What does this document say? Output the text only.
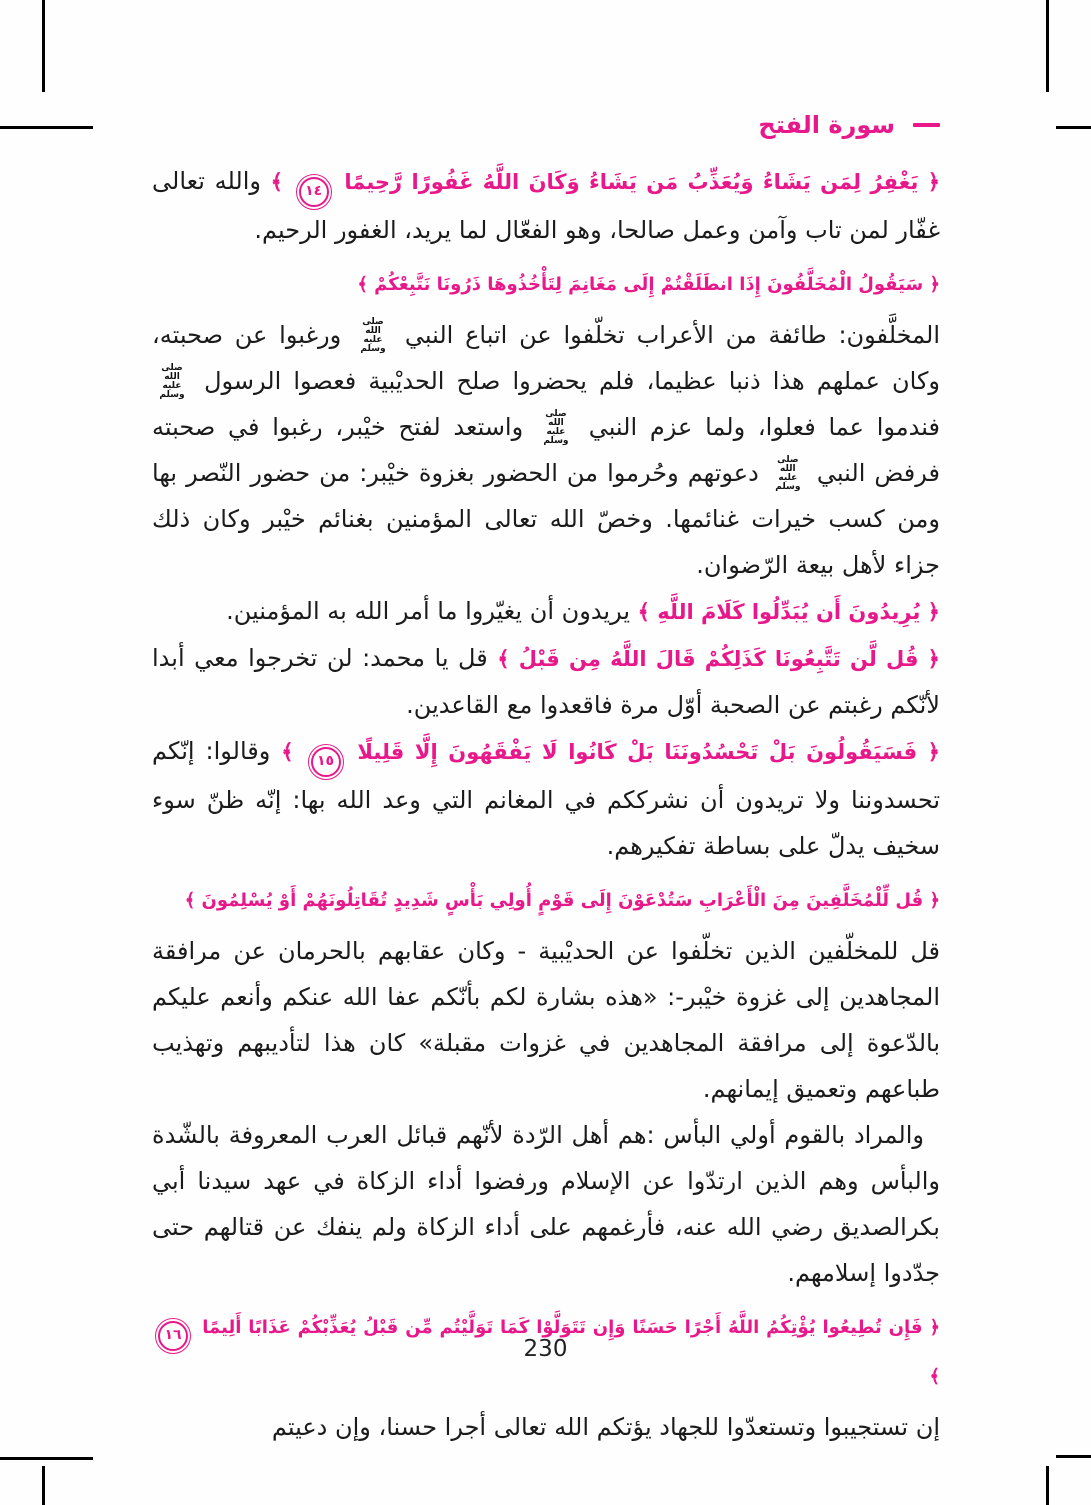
سورة الفتح

﴿ يَغْفِرُ لِمَن يَشَاءُ وَيُعَذِّبُ مَن يَشَاءُ وَكَانَ اللَّهُ غَفُورًا رَّحِيمًا ١٤ ﴾ والله تعالى غفّار لمن تاب وآمن وعمل صالحا، وهو الفعّال لما يريد، الغفور الرحيم.

﴿ سَيَقُولُ الْمُخَلَّفُونَ إِذَا انطَلَقْتُمْ إِلَى مَغَانِمَ لِتَأْخُذُوهَا ذَرُونَا نَتَّبِعْكُمْ ﴾

المخلَّفون: طائفة من الأعراب تخلّفوا عن اتباع النبي صلى الله عليه وسلم ورغبوا عن صحبته، وكان عملهم هذا ذنبا عظيما، فلم يحضروا صلح الحديْبية فعصوا الرسول صلى الله عليه وسلم فندموا عما فعلوا، ولما عزم النبي صلى الله عليه وسلم واستعد لفتح خيْبر، رغبوا في صحبته فرفض النبي صلى الله عليه وسلم دعوتهم وحُرموا من الحضور بغزوة خيْبر: من حضور النّصر بها ومن كسب خيرات غنائمها. وخصّ الله تعالى المؤمنين بغنائم خيْبر وكان ذلك جزاء لأهل بيعة الرّضوان.

﴿ يُرِيدُونَ أَن يُبَدِّلُوا كَلَامَ اللَّهِ ﴾ يريدون أن يغيّروا ما أمر الله به المؤمنين.

﴿ قُل لَّن تَتَّبِعُونَا كَذَلِكُمْ قَالَ اللَّهُ مِن قَبْلُ ﴾ قل يا محمد: لن تخرجوا معي أبدا لأنّكم رغبتم عن الصحبة أوّل مرة فاقعدوا مع القاعدين.

﴿ فَسَيَقُولُونَ بَلْ تَحْسُدُونَنَا بَلْ كَانُوا لَا يَفْقَهُونَ إِلَّا قَلِيلًا ١٥ ﴾ وقالوا: إنّكم تحسدوننا ولا تريدون أن نشرككم في المغانم التي وعد الله بها: إنّه ظنّ سوء سخيف يدلّ على بساطة تفكيرهم.

﴿ قُل لِّلْمُخَلَّفِينَ مِنَ الْأَعْرَابِ سَتُدْعَوْنَ إِلَى قَوْمٍ أُولِي بَأْسٍ شَدِيدٍ تُقَاتِلُونَهُمْ أَوْ يُسْلِمُونَ ﴾

قل للمخلّفين الذين تخلّفوا عن الحديْبية - وكان عقابهم بالحرمان عن مرافقة المجاهدين إلى غزوة خيْبر-: «هذه بشارة لكم بأنّكم عفا الله عنكم وأنعم عليكم بالدّعوة إلى مرافقة المجاهدين في غزوات مقبلة» كان هذا لتأديبهم وتهذيب طباعهم وتعميق إيمانهم.

والمراد بالقوم أولي البأس :هم أهل الرّدة لأنّهم قبائل العرب المعروفة بالشّدة والبأس وهم الذين ارتدّوا عن الإسلام ورفضوا أداء الزكاة في عهد سيدنا أبي بكرالصديق رضي الله عنه، فأرغمهم على أداء الزكاة ولم ينفك عن قتالهم حتى جدّدوا إسلامهم.

﴿ فَإِن تُطِيعُوا يُؤْتِكُمُ اللَّهُ أَجْرًا حَسَنًا وَإِن تَتَوَلَّوْا كَمَا تَوَلَّيْتُم مِّن قَبْلُ يُعَذِّبْكُمْ عَذَابًا أَلِيمًا ١٦ ﴾

إن تستجيبوا وتستعدّوا للجهاد يؤتكم الله تعالى أجرا حسنا، وإن دعيتم

230
